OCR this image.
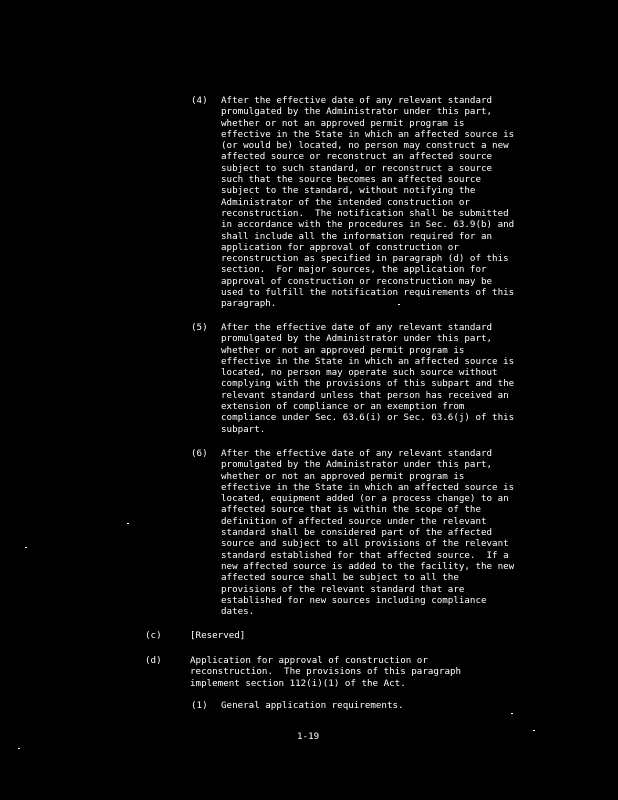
(4)	After the effective date of any relevant standard
promulgated by the Administrator under this part,
whether or not an approved permit program is
effective in the State in which an affected source is
(or would be) located, no person may construct a new
affected source or reconstruct an affected source
subject to such standard, or reconstruct a source
such that the source becomes an affected source
subject to the standard, without notifying the
Administrator of the intended construction or
reconstruction.  The notification shall be submitted
in accordance with the procedures in Sec. 63.9(b) and
shall include all the information required for an
application for approval of construction or
reconstruction as specified in paragraph (d) of this
section.  For major sources, the application for
approval of construction or reconstruction may be
used to fulfill the notification requirements of this
paragraph.
(5)	After the effective date of any relevant standard
promulgated by the Administrator under this part,
whether or not an approved permit program is
effective in the State in which an affected source is
located, no person may operate such source without
complying with the provisions of this subpart and the
relevant standard unless that person has received an
extension of compliance or an exemption from
compliance under Sec. 63.6(i) or Sec. 63.6(j) of this
subpart.
(6)	After the effective date of any relevant standard
promulgated by the Administrator under this part,
whether or not an approved permit program is
effective in the State in which an affected source is
located, equipment added (or a process change) to an
affected source that is within the scope of the
definition of affected source under the relevant
standard shall be considered part of the affected
source and subject to all provisions of the relevant
standard established for that affected source.  If a
new affected source is added to the facility, the new
affected source shall be subject to all the
provisions of the relevant standard that are
established for new sources including compliance
dates.
(c)	[Reserved]
(d)	Application for approval of construction or
reconstruction.  The provisions of this paragraph
implement section 112(i)(1) of the Act.
(1)	General application requirements.
1-19
